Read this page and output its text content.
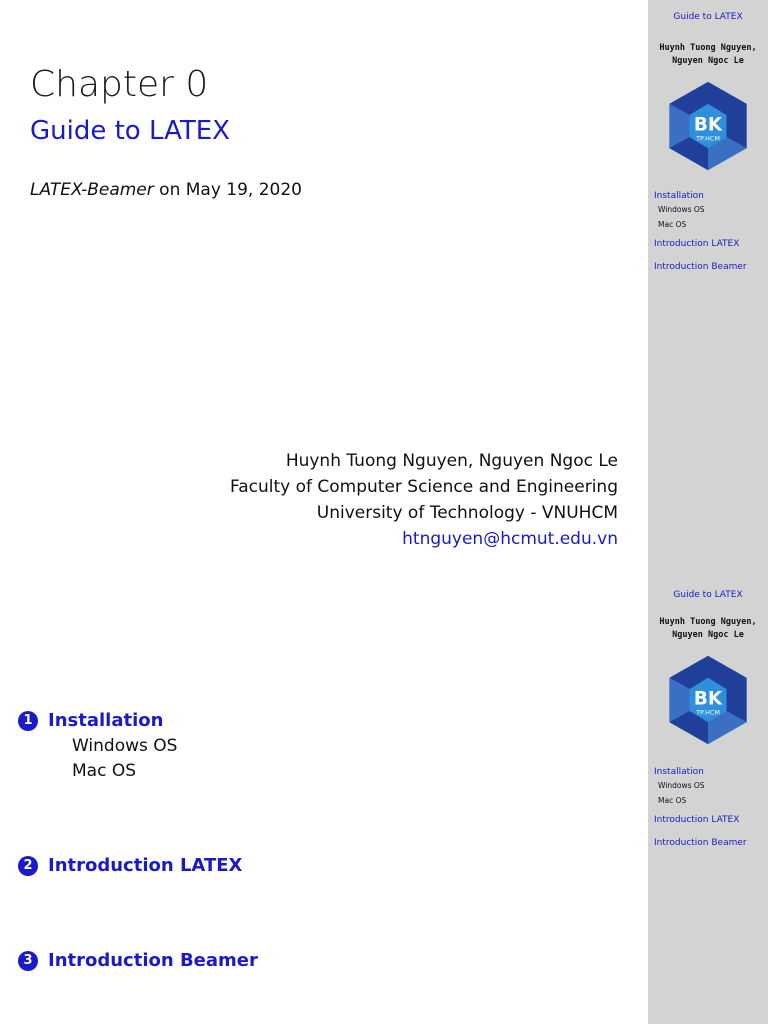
Chapter 0
Guide to LATEX
LATEX-Beamer on May 19, 2020
Huynh Tuong Nguyen, Nguyen Ngoc Le
Faculty of Computer Science and Engineering
University of Technology - VNUHCM
htnguyen@hcmut.edu.vn
Guide to LATEX
Huynh Tuong Nguyen,
Nguyen Ngoc Le
BK
TP.HCM
Installation
Windows OS
Mac OS
Introduction LATEX
Introduction Beamer
1 Installation
Windows OS
Mac OS
2 Introduction LATEX
3 Introduction Beamer
Guide to LATEX
Huynh Tuong Nguyen,
Nguyen Ngoc Le
BK
TP.HCM
Installation
Windows OS
Mac OS
Introduction LATEX
Introduction Beamer
